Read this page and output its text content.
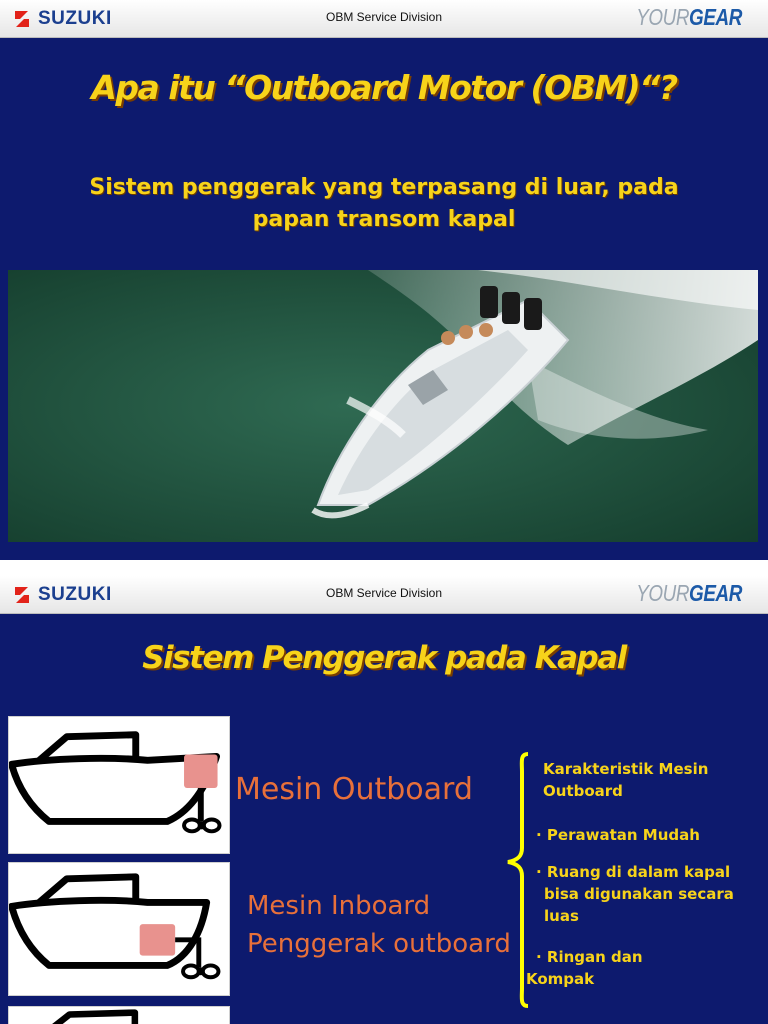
SUZUKI	OBM Service Division	YOURGEAR
Apa itu “Outboard Motor (OBM)“?
Sistem penggerak yang terpasang di luar, pada
papan transom kapal
SUZUKI	OBM Service Division	YOURGEAR
Sistem Penggerak pada Kapal
Mesin Outboard
Mesin Inboard
Penggerak outboard
Karakteristik Mesin
Outboard
· Perawatan Mudah
· Ruang di dalam kapal
bisa digunakan secara
luas
· Ringan dan
Kompak
